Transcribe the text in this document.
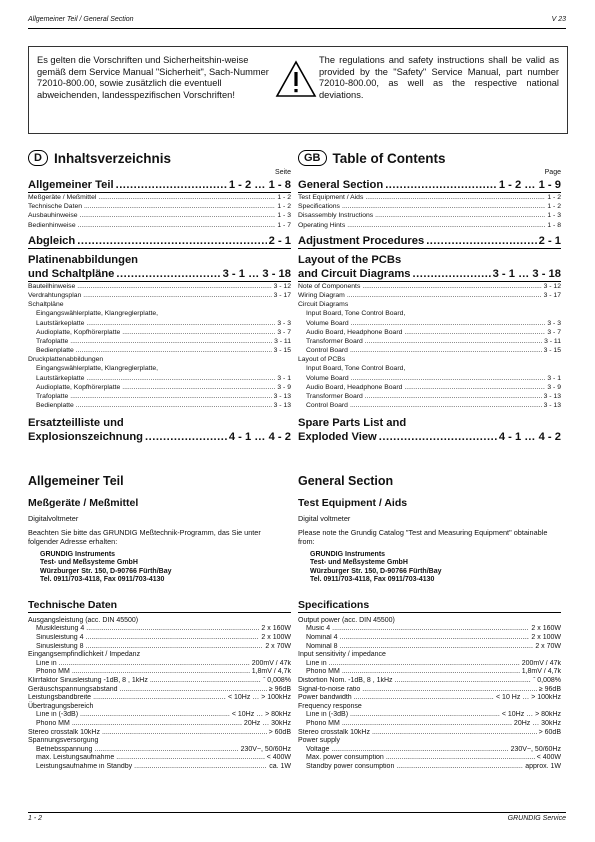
Allgemeiner Teil / General Section	V 23
Es gelten die Vorschriften und Sicherheitshin-weise gemäß dem Service Manual "Sicherheit", Sach-Nummer 72010-800.00, sowie zusätzlich die eventuell abweichenden, landesspezifischen Vorschriften!
The regulations and safety instructions shall be valid as provided by the "Safety" Service Manual, part number 72010-800.00, as well as the respective national deviations.
D Inhaltsverzeichnis
Seite
Allgemeiner Teil .....	1 - 2 … 1 - 8
Meßgeräte / Meßmittel .....	1 - 2
Technische Daten .....	1 - 2
Ausbauhinweise .....	1 - 3
Bedienhinweise .....	1 - 7
Abgleich .....	2 - 1
Platinenabbildungen
und Schaltpläne .....	3 - 1 … 3 - 18
Bauteilhinweise .....	3 - 12
Verdrahtungsplan .....	3 - 17
Schaltpläne
Eingangswählerplatte, Klangreglerplatte,
Lautstärkeplatte .....	3 - 3
Audioplatte, Kopfhörerplatte .....	3 - 7
Trafoplatte .....	3 - 11
Bedienplatte .....	3 - 15
Druckplattenabbildungen
Eingangswählerplatte, Klangreglerplatte,
Lautstärkeplatte .....	3 - 1
Audioplatte, Kopfhörerplatte .....	3 - 9
Trafoplatte .....	3 - 13
Bedienplatte .....	3 - 13
Ersatzteilliste und
Explosionszeichnung .....	4 - 1 … 4 - 2
GB Table of Contents
Page
General Section .....	1 - 2 … 1 - 9
Test Equipment / Aids .....	1 - 2
Specifications .....	1 - 2
Disassembly Instructions .....	1 - 3
Operating Hints .....	1 - 8
Adjustment Procedures .....	2 - 1
Layout of the PCBs
and Circuit Diagrams .....	3 - 1 … 3 - 18
Note of Components .....	3 - 12
Wiring Diagram .....	3 - 17
Circuit Diagrams
Input Board, Tone Control Board,
Volume Board .....	3 - 3
Audio Board, Headphone Board .....	3 - 7
Transformer Board .....	3 - 11
Control Board .....	3 - 15
Layout of PCBs
Input Board, Tone Control Board,
Volume Board .....	3 - 1
Audio Board, Headphone Board .....	3 - 9
Transformer Board .....	3 - 13
Control Board .....	3 - 13
Spare Parts List and
Exploded View .....	4 - 1 … 4 - 2
Allgemeiner Teil
Meßgeräte / Meßmittel
Digitalvoltmeter
Beachten Sie bitte das GRUNDIG Meßtechnik-Programm, das Sie unter folgender Adresse erhalten:
GRUNDIG Instruments
Test- und Meßsysteme GmbH
Würzburger Str. 150, D-90766 Fürth/Bay
Tel. 0911/703-4118, Fax 0911/703-4130
Technische Daten
Ausgangsleistung (acc. DIN 45500)
Musikleistung 4 .....	2 x 160W
Sinusleistung 4 .....	2 x 100W
Sinusleistung 8 .....	2 x 70W
Eingangsempfindlichkeit / Impedanz
Line in .....	200mV / 47k
Phono MM .....	1,8mV / 4,7k
Klirrfaktor Sinusleistung -1dB, 8 , 1kHz .....	˜ 0,008%
Geräuschspannungsabstand .....	≥ 96dB
Leistungsbandbreite .....	< 10Hz … > 100kHz
Übertragungsbereich
Line in (-3dB) .....	< 10Hz … > 80kHz
Phono MM .....	20Hz … 30kHz
Stereo crosstalk 10kHz .....	> 60dB
Spannungsversorgung
Betriebsspannung .....	230V~, 50/60Hz
max. Leistungsaufnahme .....	< 400W
Leistungsaufnahme in Standby .....	ca. 1W
General Section
Test Equipment / Aids
Digital voltmeter
Please note the Grundig Catalog "Test and Measuring Equipment" obtainable from:
GRUNDIG Instruments
Test- und Meßsysteme GmbH
Würzburger Str. 150, D-90766 Fürth/Bay
Tel. 0911/703-4118, Fax 0911/703-4130
Specifications
Output power (acc. DIN 45500)
Music 4 .....	2 x 160W
Nominal 4 .....	2 x 100W
Nominal 8 .....	2 x 70W
Input sensitivity / impedance
Line in .....	200mV / 47k
Phono MM .....	1,8mV / 4,7k
Distortion Nom. -1dB, 8 , 1kHz .....	˜ 0,008%
Signal-to-noise ratio .....	≥ 96dB
Power bandwidth .....	< 10 Hz … > 100kHz
Frequency response
Line in (-3dB) .....	< 10Hz … > 80kHz
Phono MM .....	20Hz … 30kHz
Stereo crosstalk 10kHz .....	> 60dB
Power supply
Voltage .....	230V~, 50/60Hz
Max. power consumption .....	< 400W
Standby power consumption .....	approx. 1W
1 - 2	GRUNDIG Service
